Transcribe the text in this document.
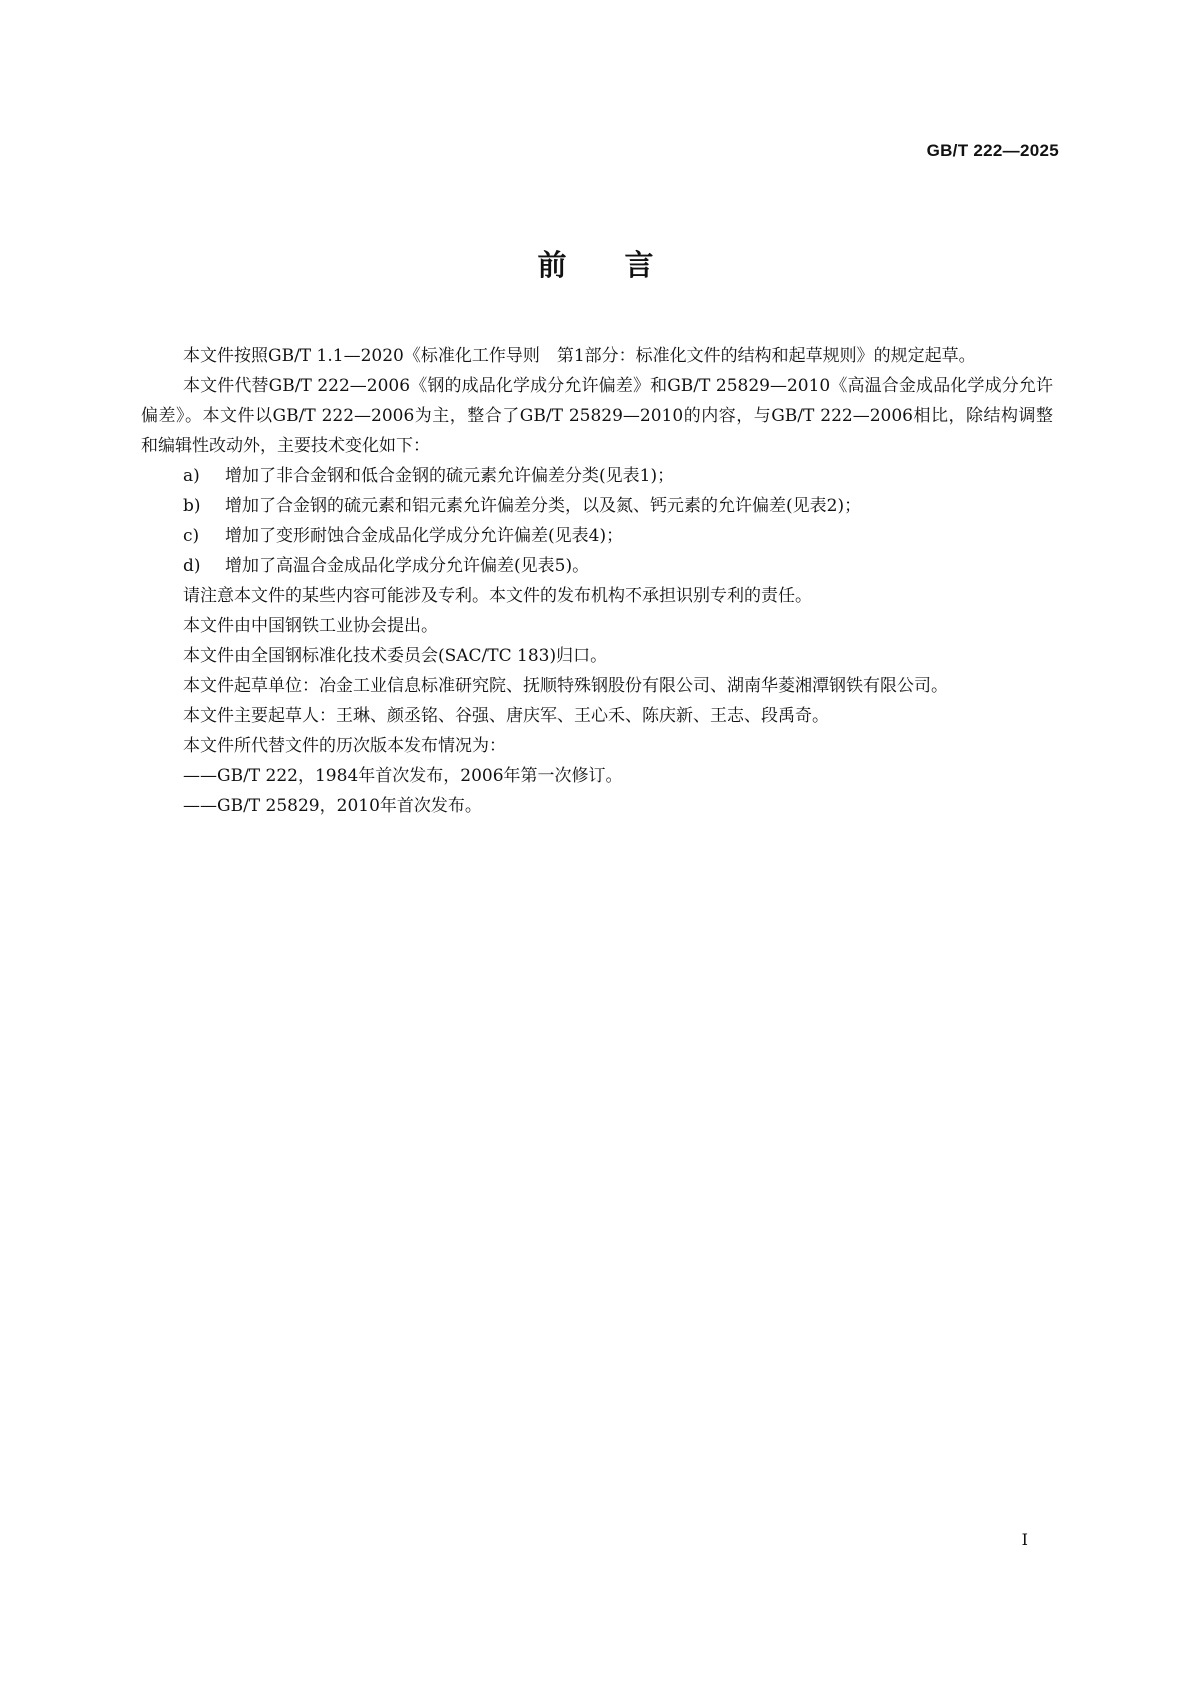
GB/T 222—2025
前言

本文件按照GB/T 1.1—2020《标准化工作导则　第1部分：标准化文件的结构和起草规则》的规定起草。

本文件代替GB/T 222—2006《钢的成品化学成分允许偏差》和GB/T 25829—2010《高温合金成品化学成分允许偏差》。本文件以GB/T 222—2006为主，整合了GB/T 25829—2010的内容，与GB/T 222—2006相比，除结构调整和编辑性改动外，主要技术变化如下：

a) 增加了非合金钢和低合金钢的硫元素允许偏差分类(见表1)；

b) 增加了合金钢的硫元素和铝元素允许偏差分类，以及氮、钙元素的允许偏差(见表2)；

c) 增加了变形耐蚀合金成品化学成分允许偏差(见表4)；

d) 增加了高温合金成品化学成分允许偏差(见表5)。

请注意本文件的某些内容可能涉及专利。本文件的发布机构不承担识别专利的责任。

本文件由中国钢铁工业协会提出。

本文件由全国钢标准化技术委员会(SAC/TC 183)归口。

本文件起草单位：冶金工业信息标准研究院、抚顺特殊钢股份有限公司、湖南华菱湘潭钢铁有限公司。

本文件主要起草人：王琳、颜丞铭、谷强、唐庆军、王心禾、陈庆新、王志、段禹奇。

本文件所代替文件的历次版本发布情况为：

——GB/T 222，1984年首次发布，2006年第一次修订。

——GB/T 25829，2010年首次发布。

I
